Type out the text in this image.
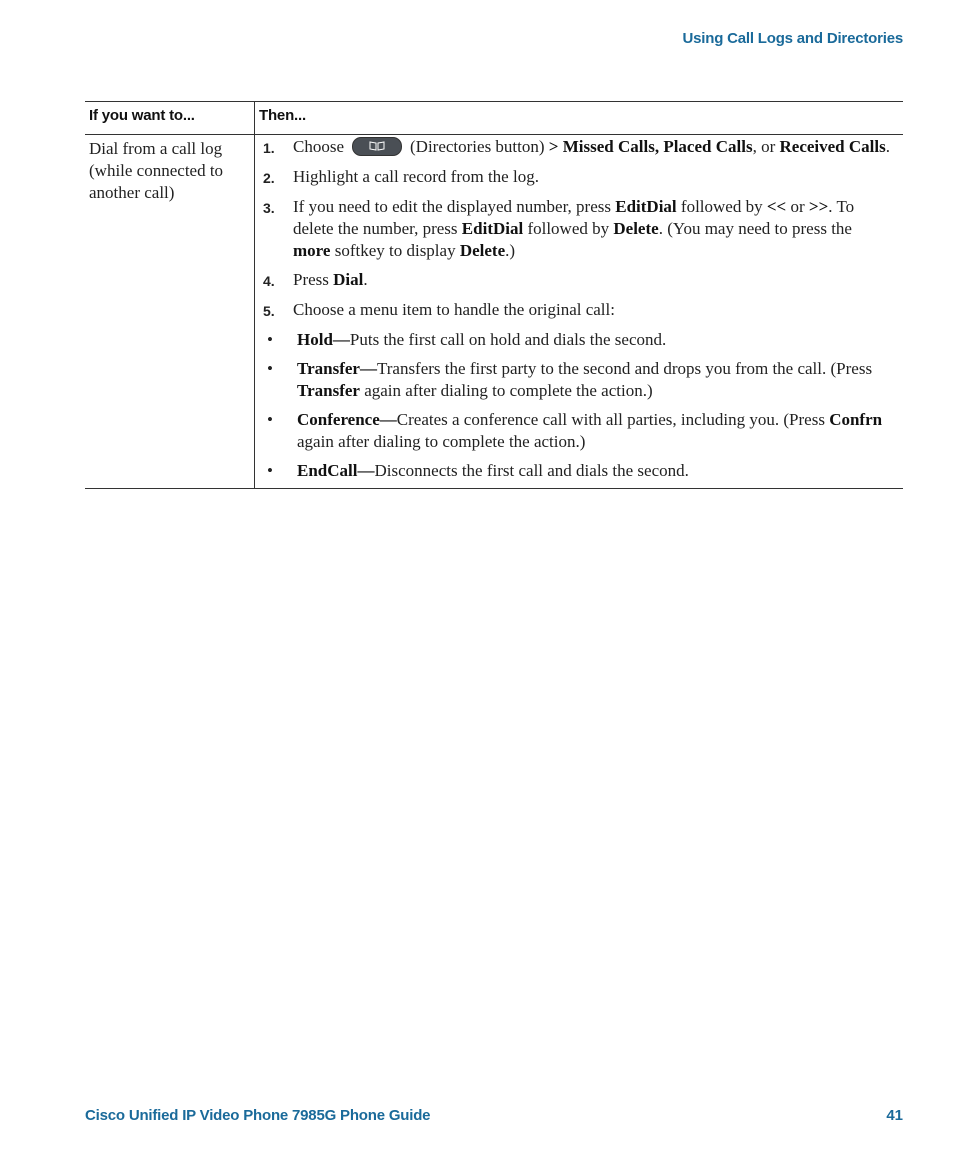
Using Call Logs and Directories
If you want to...	Then...
Dial from a call log (while connected to another call)
1.	Choose	(Directories button) > Missed Calls, Placed Calls, or Received Calls.
2.	Highlight a call record from the log.
3.	If you need to edit the displayed number, press EditDial followed by << or >>. To delete the number, press EditDial followed by Delete. (You may need to press the more softkey to display Delete.)
4.	Press Dial.
5.	Choose a menu item to handle the original call:
•	Hold—Puts the first call on hold and dials the second.
•	Transfer—Transfers the first party to the second and drops you from the call. (Press Transfer again after dialing to complete the action.)
•	Conference—Creates a conference call with all parties, including you. (Press Confrn again after dialing to complete the action.)
•	EndCall—Disconnects the first call and dials the second.
Cisco Unified IP Video Phone 7985G Phone Guide	41
